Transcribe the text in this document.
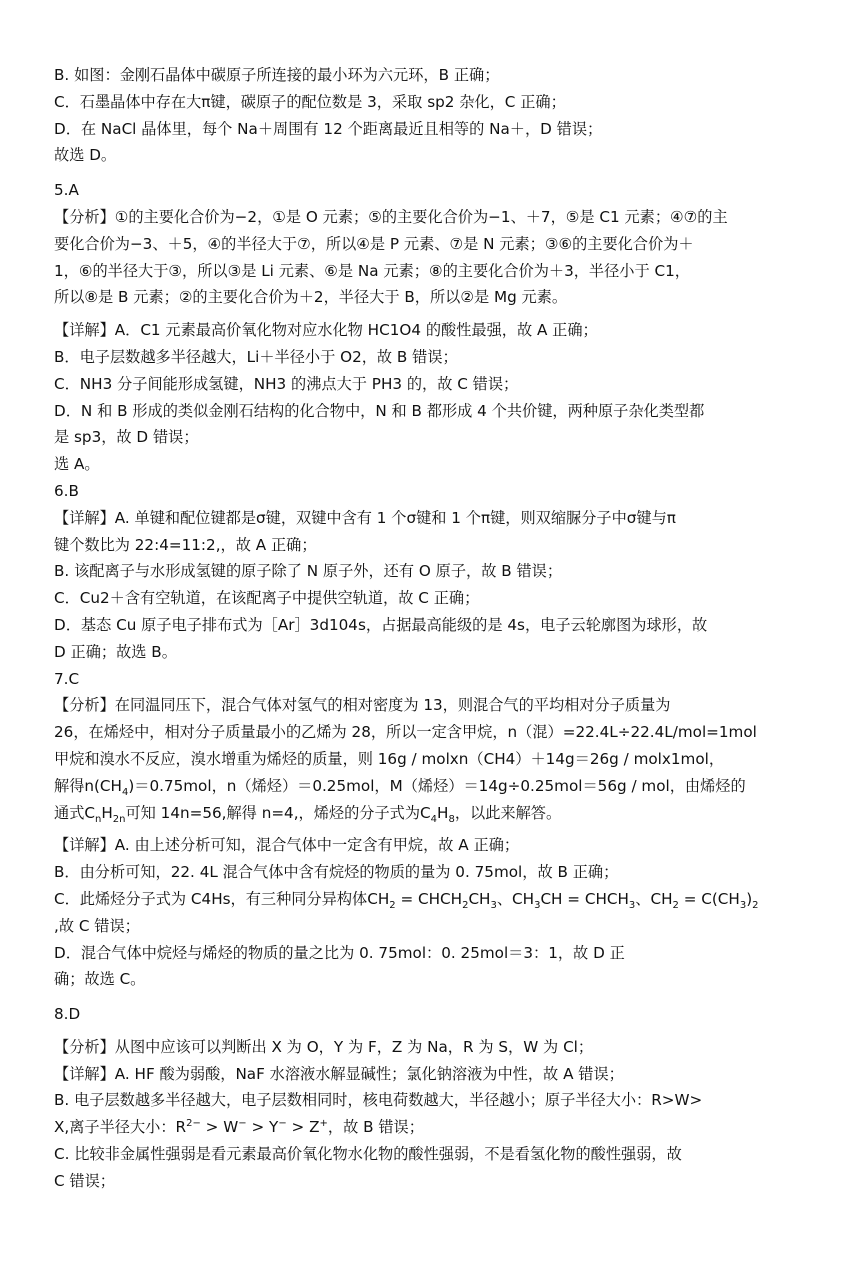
B. 如图：金刚石晶体中碳原子所连接的最小环为六元环，B 正确；
C．石墨晶体中存在大π键，碳原子的配位数是 3，采取 sp2 杂化，C 正确；
D．在 NaCl 晶体里，每个 Na＋周围有 12 个距离最近且相等的 Na＋，D 错误；
故选 D。
5.A
【分析】①的主要化合价为−2，①是 O 元素；⑤的主要化合价为−1、＋7，⑤是 C1 元素；④⑦的主
要化合价为−3、＋5，④的半径大于⑦，所以④是 P 元素、⑦是 N 元素；③⑥的主要化合价为＋
1，⑥的半径大于③，所以③是 Li 元素、⑥是 Na 元素；⑧的主要化合价为＋3，半径小于 C1，
所以⑧是 B 元素；②的主要化合价为＋2，半径大于 B，所以②是 Mg 元素。
【详解】A．C1 元素最高价氧化物对应水化物 HC1O4 的酸性最强，故 A 正确；
B．电子层数越多半径越大，Li＋半径小于 O2，故 B 错误；
C．NH3 分子间能形成氢键，NH3 的沸点大于 PH3 的，故 C 错误；
D．N 和 B 形成的类似金刚石结构的化合物中，N 和 B 都形成 4 个共价键，两种原子杂化类型都
是 sp3，故 D 错误；
选 A。
6.B
【详解】A. 单键和配位键都是σ键，双键中含有 1 个σ键和 1 个π键，则双缩脲分子中σ键与π
键个数比为 22:4=11:2,，故 A 正确；
B. 该配离子与水形成氢键的原子除了 N 原子外，还有 O 原子，故 B 错误；
C．Cu2＋含有空轨道，在该配离子中提供空轨道，故 C 正确；
D．基态 Cu 原子电子排布式为［Ar］3d104s，占据最高能级的是 4s，电子云轮廓图为球形，故
D 正确；故选 B。
7.C
【分析】在同温同压下，混合气体对氢气的相对密度为 13，则混合气的平均相对分子质量为
26，在烯烃中，相对分子质量最小的乙烯为 28，所以一定含甲烷，n（混）=22.4L÷22.4L/mol=1mol
甲烷和溴水不反应，溴水增重为烯烃的质量，则 16g / molxn（CH4）＋14g＝26g / molx1mol，
解得$n(CH_4)=0.75mol$，n（烯烃）＝0.25mol，M（烯烃）＝14g÷0.25mol＝56g / mol，由烯烃的
通式$C_nH_{2n}$可知 14n=56,解得 n=4,，烯烃的分子式为$C_4H_8$，以此来解答。
【详解】A. 由上述分析可知，混合气体中一定含有甲烷，故 A 正确；
B．由分析可知，22. 4L 混合气体中含有烷烃的物质的量为 0. 75mol，故 B 正确；
C．此烯烃分子式为 C4Hs，有三种同分异构体$CH_2$ = $CHCH_2CH_3$、$CH_3CH$ = $CHCH_3$、$CH_2 = C(CH_3)_2$
,故 C 错误；
D．混合气体中烷烃与烯烃的物质的量之比为 0. 75mol：0. 25mol＝3：1，故 D 正
确；故选 C。
8.D
【分析】从图中应该可以判断出 X 为 O，Y 为 F，Z 为 Na，R 为 S，W 为 Cl；
【详解】A. HF 酸为弱酸，NaF 水溶液水解显碱性；氯化钠溶液为中性，故 A 错误；
B. 电子层数越多半径越大，电子层数相同时，核电荷数越大，半径越小；原子半径大小：R>W>
X,离子半径大小：$R^{2-} > W^- > Y^- > Z^+$，故 B 错误；
C. 比较非金属性强弱是看元素最高价氧化物水化物的酸性强弱，不是看氢化物的酸性强弱，故
C 错误；
